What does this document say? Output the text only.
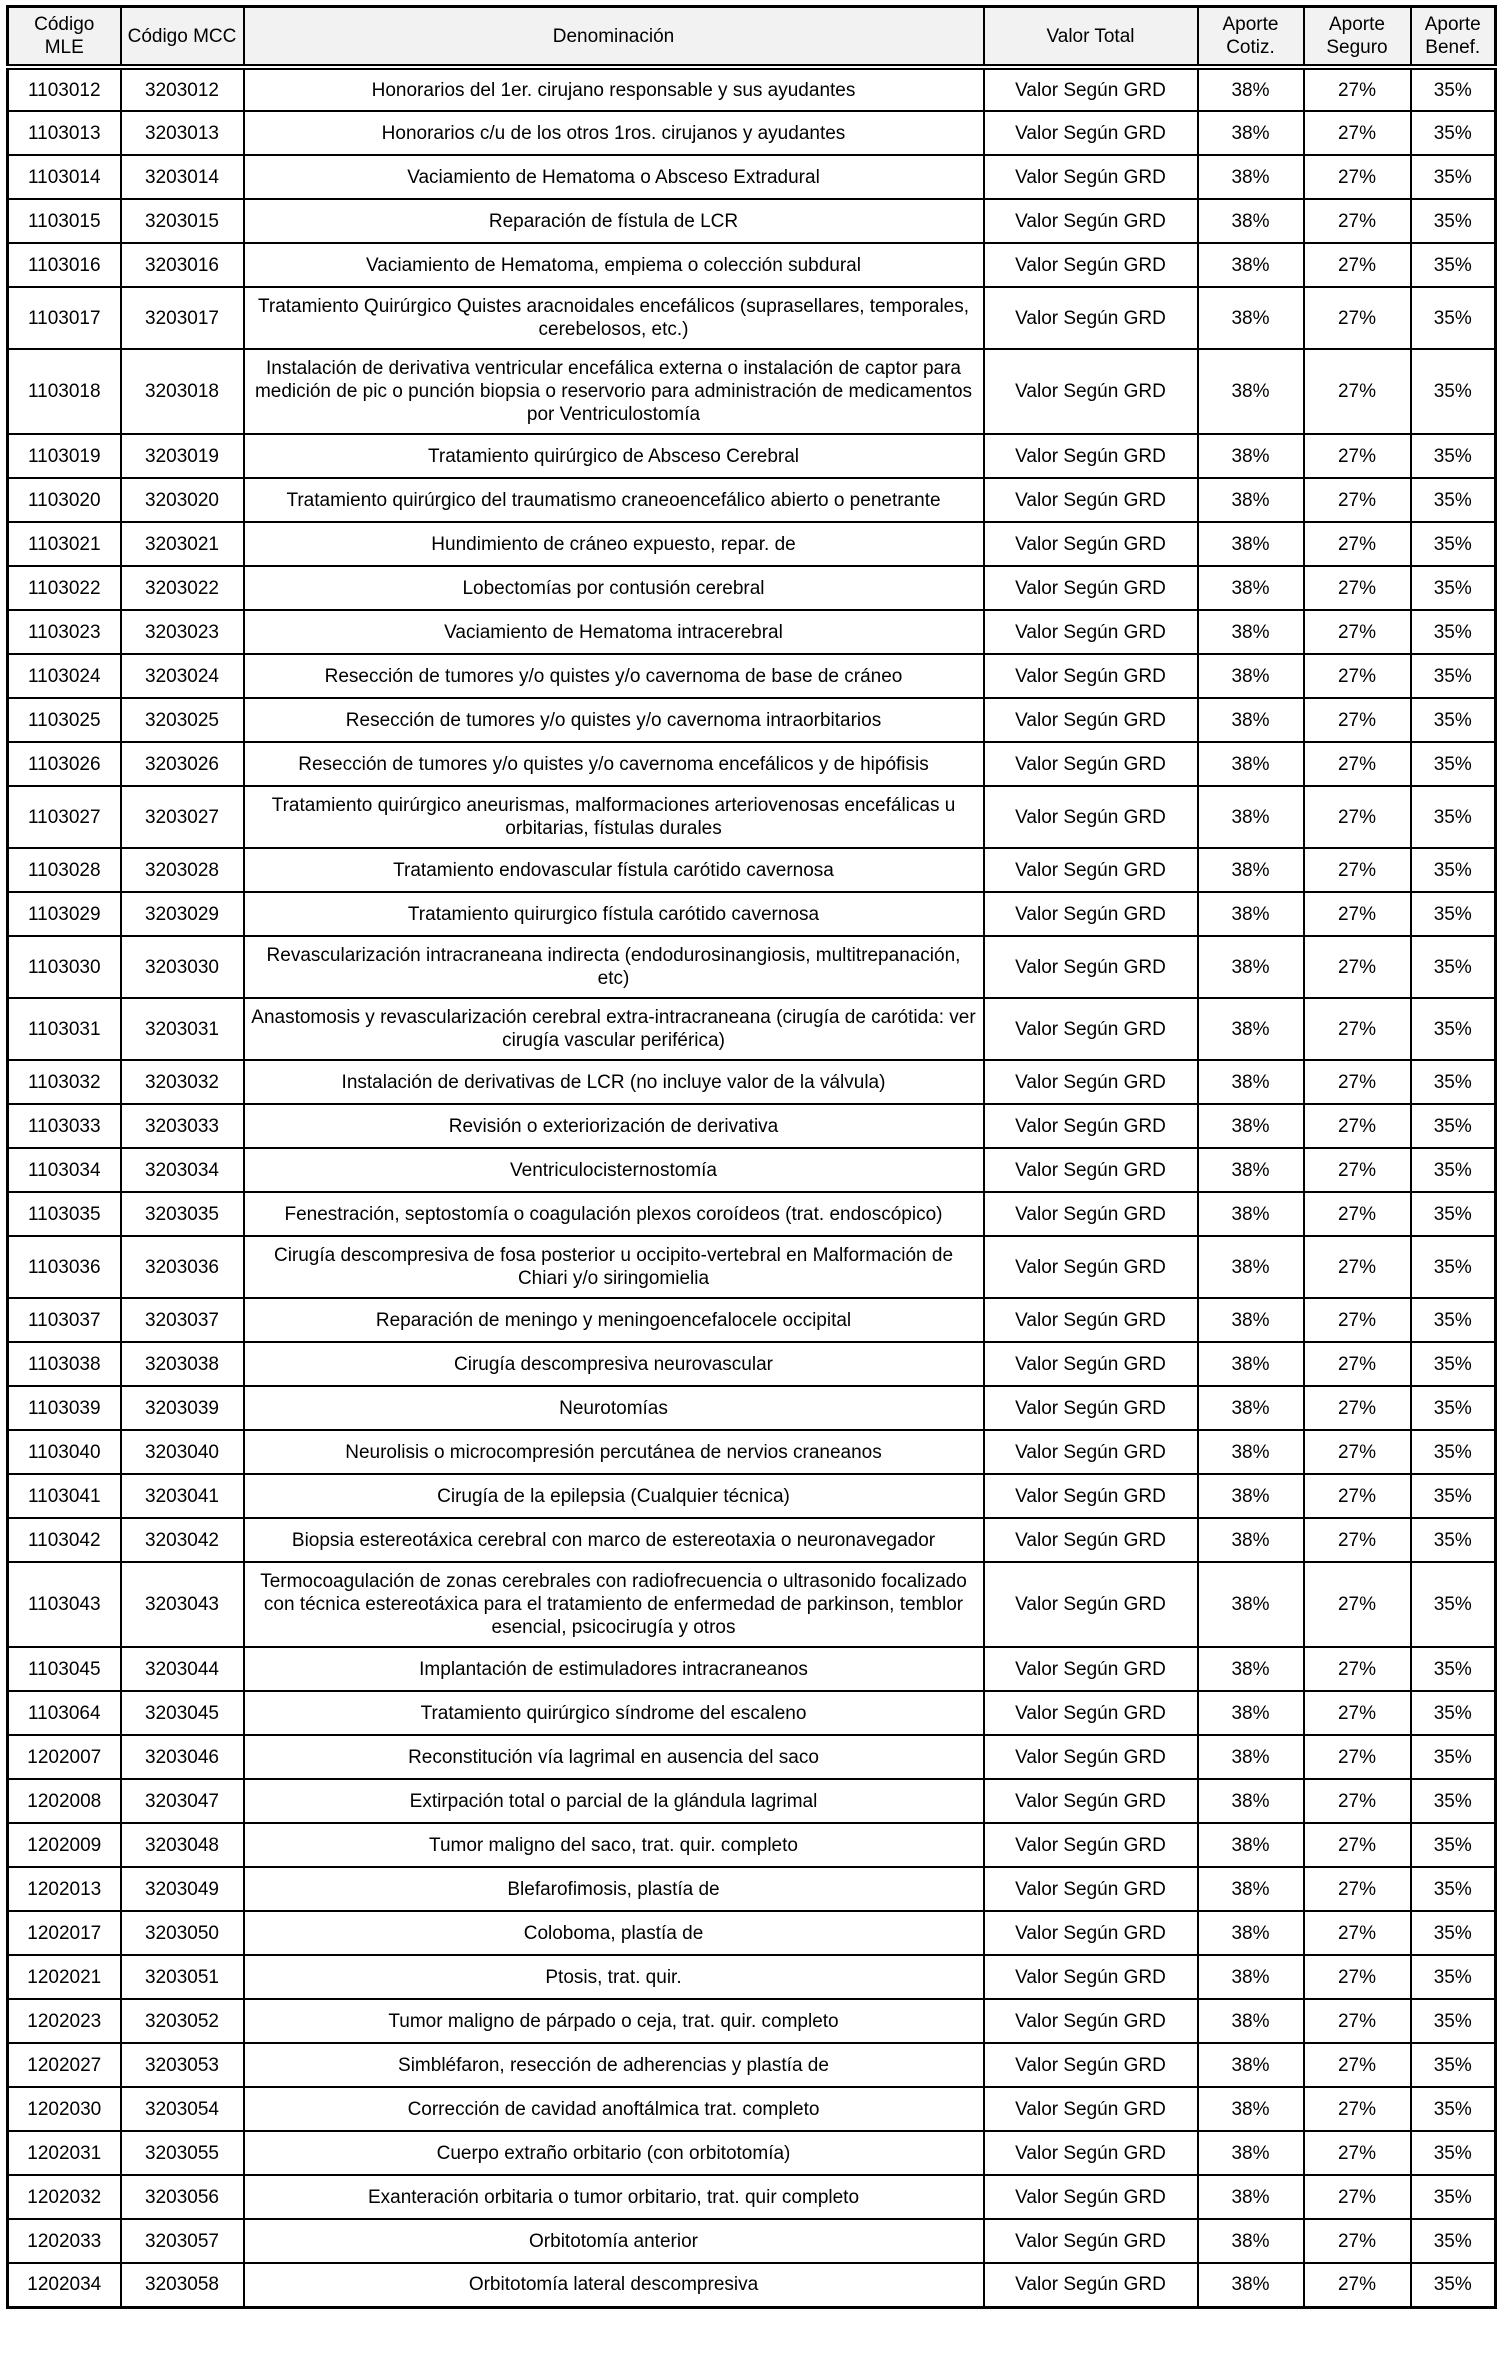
Código MLE	Código MCC	Denominación	Valor Total	Aporte Cotiz.	Aporte Seguro	Aporte Benef.
1103012	3203012	Honorarios del 1er. cirujano responsable y sus ayudantes	Valor Según GRD	38%	27%	35%
1103013	3203013	Honorarios c/u de los otros 1ros. cirujanos y ayudantes	Valor Según GRD	38%	27%	35%
1103014	3203014	Vaciamiento de Hematoma o Absceso Extradural	Valor Según GRD	38%	27%	35%
1103015	3203015	Reparación de fístula de LCR	Valor Según GRD	38%	27%	35%
1103016	3203016	Vaciamiento de Hematoma, empiema o colección subdural	Valor Según GRD	38%	27%	35%
1103017	3203017	Tratamiento Quirúrgico Quistes aracnoidales encefálicos (suprasellares, temporales, cerebelosos, etc.)	Valor Según GRD	38%	27%	35%
1103018	3203018	Instalación de derivativa ventricular encefálica externa o instalación de captor para medición de pic o punción biopsia o reservorio para administración de medicamentos por Ventriculostomía	Valor Según GRD	38%	27%	35%
1103019	3203019	Tratamiento quirúrgico de Absceso Cerebral	Valor Según GRD	38%	27%	35%
1103020	3203020	Tratamiento quirúrgico del traumatismo craneoencefálico abierto o penetrante	Valor Según GRD	38%	27%	35%
1103021	3203021	Hundimiento de cráneo expuesto, repar. de	Valor Según GRD	38%	27%	35%
1103022	3203022	Lobectomías por contusión cerebral	Valor Según GRD	38%	27%	35%
1103023	3203023	Vaciamiento de Hematoma intracerebral	Valor Según GRD	38%	27%	35%
1103024	3203024	Resección de tumores y/o quistes y/o cavernoma de base de cráneo	Valor Según GRD	38%	27%	35%
1103025	3203025	Resección de tumores y/o quistes y/o cavernoma intraorbitarios	Valor Según GRD	38%	27%	35%
1103026	3203026	Resección de tumores y/o quistes y/o cavernoma encefálicos y de hipófisis	Valor Según GRD	38%	27%	35%
1103027	3203027	Tratamiento quirúrgico aneurismas, malformaciones arteriovenosas encefálicas u orbitarias, fístulas durales	Valor Según GRD	38%	27%	35%
1103028	3203028	Tratamiento endovascular fístula carótido cavernosa	Valor Según GRD	38%	27%	35%
1103029	3203029	Tratamiento quirurgico fístula carótido cavernosa	Valor Según GRD	38%	27%	35%
1103030	3203030	Revascularización intracraneana indirecta (endodurosinangiosis, multitrepanación, etc)	Valor Según GRD	38%	27%	35%
1103031	3203031	Anastomosis y revascularización cerebral extra-intracraneana (cirugía de carótida: ver cirugía vascular periférica)	Valor Según GRD	38%	27%	35%
1103032	3203032	Instalación de derivativas de LCR (no incluye valor de la válvula)	Valor Según GRD	38%	27%	35%
1103033	3203033	Revisión o exteriorización de derivativa	Valor Según GRD	38%	27%	35%
1103034	3203034	Ventriculocisternostomía	Valor Según GRD	38%	27%	35%
1103035	3203035	Fenestración, septostomía o coagulación plexos coroídeos (trat. endoscópico)	Valor Según GRD	38%	27%	35%
1103036	3203036	Cirugía descompresiva de fosa posterior u occipito-vertebral en Malformación de Chiari y/o siringomielia	Valor Según GRD	38%	27%	35%
1103037	3203037	Reparación de meningo y meningoencefalocele occipital	Valor Según GRD	38%	27%	35%
1103038	3203038	Cirugía descompresiva neurovascular	Valor Según GRD	38%	27%	35%
1103039	3203039	Neurotomías	Valor Según GRD	38%	27%	35%
1103040	3203040	Neurolisis o microcompresión percutánea de nervios craneanos	Valor Según GRD	38%	27%	35%
1103041	3203041	Cirugía de la epilepsia (Cualquier técnica)	Valor Según GRD	38%	27%	35%
1103042	3203042	Biopsia estereotáxica cerebral con marco de estereotaxia o neuronavegador	Valor Según GRD	38%	27%	35%
1103043	3203043	Termocoagulación de zonas cerebrales con radiofrecuencia o ultrasonido focalizado con técnica estereotáxica para el tratamiento de enfermedad de parkinson, temblor esencial, psicocirugía y otros	Valor Según GRD	38%	27%	35%
1103045	3203044	Implantación de estimuladores intracraneanos	Valor Según GRD	38%	27%	35%
1103064	3203045	Tratamiento quirúrgico síndrome del escaleno	Valor Según GRD	38%	27%	35%
1202007	3203046	Reconstitución vía lagrimal en ausencia del saco	Valor Según GRD	38%	27%	35%
1202008	3203047	Extirpación total o parcial de la glándula lagrimal	Valor Según GRD	38%	27%	35%
1202009	3203048	Tumor maligno del saco, trat. quir. completo	Valor Según GRD	38%	27%	35%
1202013	3203049	Blefarofimosis, plastía de	Valor Según GRD	38%	27%	35%
1202017	3203050	Coloboma, plastía de	Valor Según GRD	38%	27%	35%
1202021	3203051	Ptosis, trat. quir.	Valor Según GRD	38%	27%	35%
1202023	3203052	Tumor maligno de párpado o ceja, trat. quir. completo	Valor Según GRD	38%	27%	35%
1202027	3203053	Simbléfaron, resección de adherencias y plastía de	Valor Según GRD	38%	27%	35%
1202030	3203054	Corrección de cavidad anoftálmica trat. completo	Valor Según GRD	38%	27%	35%
1202031	3203055	Cuerpo extraño orbitario (con orbitotomía)	Valor Según GRD	38%	27%	35%
1202032	3203056	Exanteración orbitaria o tumor orbitario, trat. quir completo	Valor Según GRD	38%	27%	35%
1202033	3203057	Orbitotomía anterior	Valor Según GRD	38%	27%	35%
1202034	3203058	Orbitotomía lateral descompresiva	Valor Según GRD	38%	27%	35%
